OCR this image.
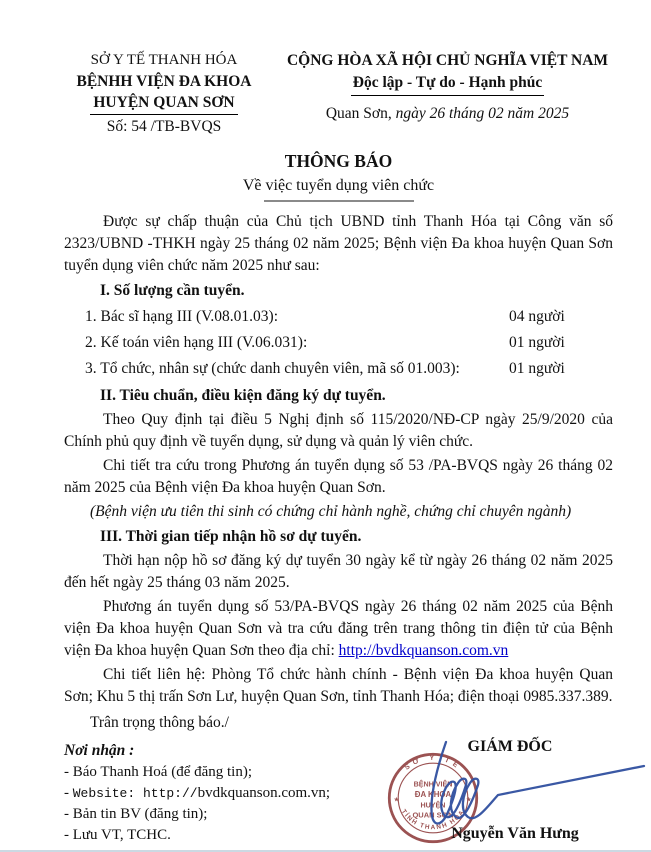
SỞ Y TẾ THANH HÓA
BỆNHH VIỆN ĐA KHOA
HUYỆN QUAN SƠN
Số: 54 /TB-BVQS
CỘNG HÒA XÃ HỘI CHỦ NGHĨA VIỆT NAM
Độc lập - Tự do - Hạnh phúc
Quan Sơn, ngày 26 tháng 02 năm 2025
THÔNG BÁO
Về việc tuyển dụng viên chức

Được sự chấp thuận của Chủ tịch UBND tỉnh Thanh Hóa tại Công văn số 2323/UBND -THKH ngày 25 tháng 02 năm 2025; Bệnh viện Đa khoa huyện Quan Sơn tuyển dụng viên chức năm 2025 như sau:

I. Số lượng cần tuyển.

1. Bác sĩ hạng III (V.08.01.03):	04 người
2. Kế toán viên hạng III (V.06.031):	01 người
3. Tổ chức, nhân sự (chức danh chuyên viên, mã số 01.003):	01 người

II. Tiêu chuẩn, điều kiện đăng ký dự tuyển.

Theo Quy định tại điều 5 Nghị định số 115/2020/NĐ-CP ngày 25/9/2020 của Chính phủ quy định về tuyển dụng, sử dụng và quản lý viên chức.

Chi tiết tra cứu trong Phương án tuyển dụng số 53 /PA-BVQS ngày 26 tháng 02 năm 2025 của Bệnh viện Đa khoa huyện Quan Sơn.

(Bệnh viện ưu tiên thi sinh có chứng chỉ hành nghề, chứng chỉ chuyên ngành)

III. Thời gian tiếp nhận hồ sơ dự tuyển.

Thời hạn nộp hồ sơ đăng ký dự tuyển 30 ngày kể từ ngày 26 tháng 02 năm 2025 đến hết ngày 25 tháng 03 năm 2025.

Phương án tuyển dụng số 53/PA-BVQS ngày 26 tháng 02 năm 2025 của Bệnh viện Đa khoa huyện Quan Sơn và tra cứu đăng trên trang thông tin điện tử của Bệnh viện Đa khoa huyện Quan Sơn theo địa chỉ: http://bvdkquanson.com.vn

Chi tiết liên hệ: Phòng Tổ chức hành chính - Bệnh viện Đa khoa huyện Quan Sơn; Khu 5 thị trấn Sơn Lư, huyện Quan Sơn, tỉnh Thanh Hóa; điện thoại 0985.337.389.

Trân trọng thông báo./

Nơi nhận :
- Báo Thanh Hoá (để đăng tin);
- Website: http://bvdkquanson.com.vn;
- Bản tin BV (đăng tin);
- Lưu VT, TCHC.
GIÁM ĐỐC
SỞ Y TẾ
TỈNH THANH HÓA
★	★
BỆNH VIỆN
ĐA KHOA
HUYỆN
QUAN SƠN
Nguyễn Văn Hưng
